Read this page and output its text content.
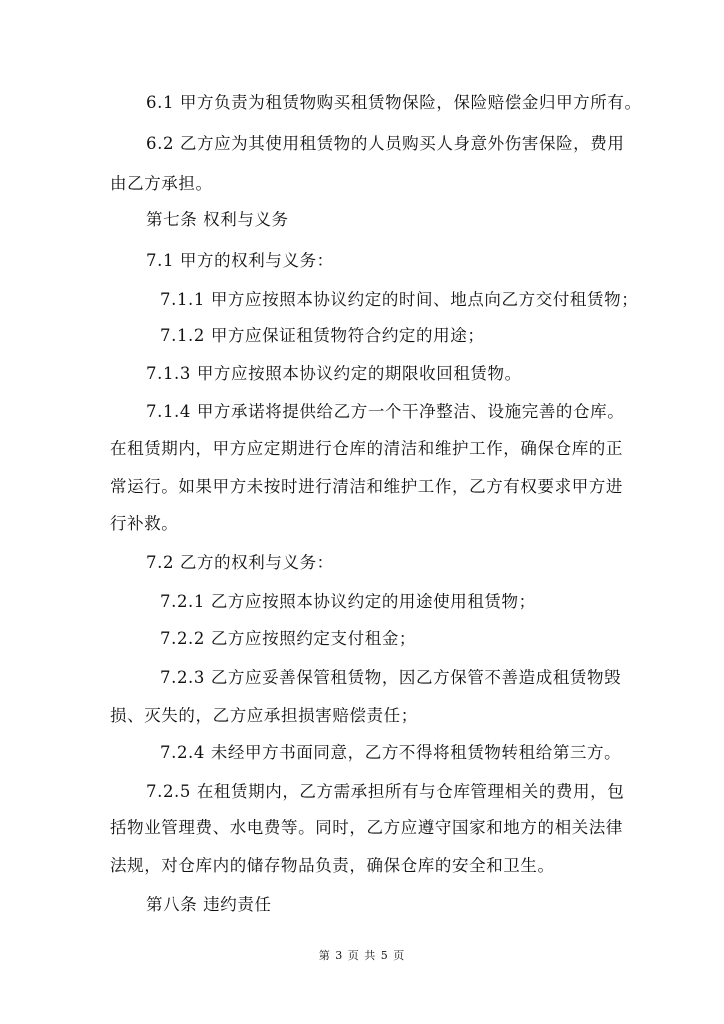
6.1 甲方负责为租赁物购买租赁物保险，保险赔偿金归甲方所有。
6.2 乙方应为其使用租赁物的人员购买人身意外伤害保险，费用
由乙方承担。
第七条 权利与义务
7.1 甲方的权利与义务：
7.1.1 甲方应按照本协议约定的时间、地点向乙方交付租赁物；
7.1.2 甲方应保证租赁物符合约定的用途；
7.1.3 甲方应按照本协议约定的期限收回租赁物。
7.1.4 甲方承诺将提供给乙方一个干净整洁、设施完善的仓库。
在租赁期内，甲方应定期进行仓库的清洁和维护工作，确保仓库的正
常运行。如果甲方未按时进行清洁和维护工作，乙方有权要求甲方进
行补救。
7.2 乙方的权利与义务：
7.2.1 乙方应按照本协议约定的用途使用租赁物；
7.2.2 乙方应按照约定支付租金；
7.2.3 乙方应妥善保管租赁物，因乙方保管不善造成租赁物毁
损、灭失的，乙方应承担损害赔偿责任；
7.2.4 未经甲方书面同意，乙方不得将租赁物转租给第三方。
7.2.5 在租赁期内，乙方需承担所有与仓库管理相关的费用，包
括物业管理费、水电费等。同时，乙方应遵守国家和地方的相关法律
法规，对仓库内的储存物品负责，确保仓库的安全和卫生。
第八条 违约责任
第 3 页 共 5 页
